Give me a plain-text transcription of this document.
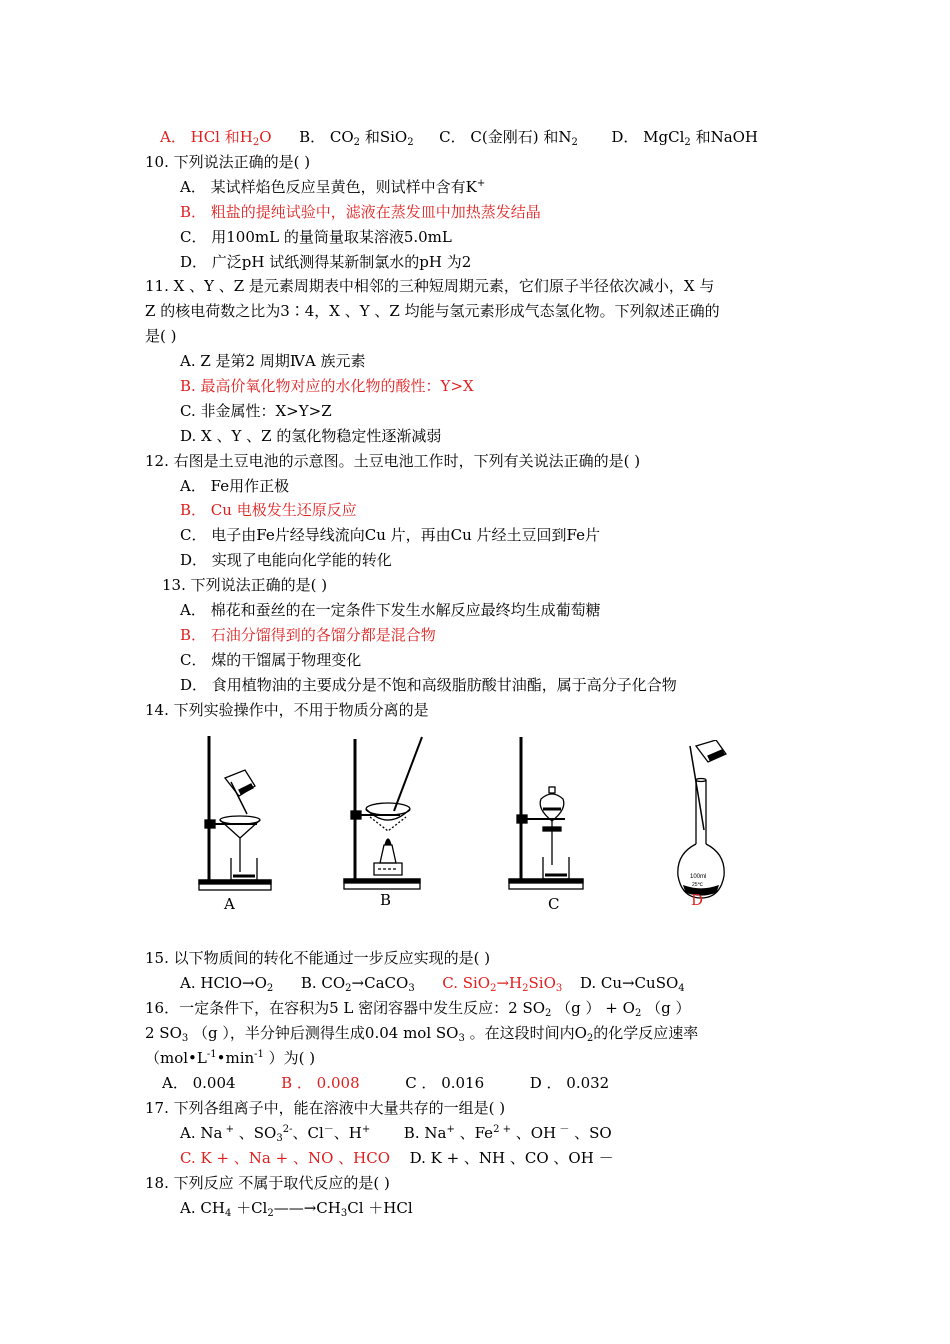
A． HCl 和$H_2O$ B． $CO_2$ 和SiO$_2$ C． C(金刚石) 和$N_2$ D． MgCl$_2$ 和NaOH
10. 下列说法正确的是( )
A． 某试样焰色反应呈黄色，则试样中含有K+
B． 粗盐的提纯试验中，滤液在蒸发皿中加热蒸发结晶
C． 用100mL 的量筒量取某溶液5.0mL
D． 广泛pH 试纸测得某新制氯水的pH 为2
11. X 、Y 、Z 是元素周期表中相邻的三种短周期元素，它们原子半径依次减小，X 与
Z 的核电荷数之比为3∶4，X 、Y 、Z 均能与氢元素形成气态氢化物。下列叙述正确的
是( )
A. Z 是第2 周期ⅣA 族元素
B. 最高价氧化物对应的水化物的酸性：Y>X
C. 非金属性：X>Y>Z
D. X 、Y 、Z 的氢化物稳定性逐渐减弱
12. 右图是土豆电池的示意图。土豆电池工作时，下列有关说法正确的是( )
A． Fe用作正极
B． Cu 电极发生还原反应
C． 电子由Fe片经导线流向Cu 片，再由Cu 片经土豆回到Fe片
D． 实现了电能向化学能的转化
13. 下列说法正确的是( )
A． 棉花和蚕丝的在一定条件下发生水解反应最终均生成葡萄糖
B． 石油分馏得到的各馏分都是混合物
C． 煤的干馏属于物理变化
D． 食用植物油的主要成分是不饱和高级脂肪酸甘油酯，属于高分子化合物
14. 下列实验操作中，不用于物质分离的是
A	B	C
100ml
25℃
D
15. 以下物质间的转化不能通过一步反应实现的是( )
A. $HClO\to O_2$ B. $CO_2\to CaCO_3$ C. $SiO_2\to H_2SiO_3$ D. Cu→CuSO$_4$
16．一定条件下，在容积为5 L 密闭容器中发生反应：2 $SO_2$ （g ） + $O_2$ （g ）
2 $SO_3$ （g ），半分钟后测得生成0.04 mol $SO_3$ 。在这段时间内$O_2$的化学反应速率
（$mol•L^{-1}•\min^{-1}$ ）为( )
A． 0.004	B ． 0.008	C ． 0.016	D ． 0.032
17. 下列各组离子中，能在溶液中大量共存的一组是( )
A. Na + 、$SO_3^{2-}$、Cl－、H+ B. Na+ 、$Fe^{2 +}$ 、OH － 、SO
C. K + 、Na + 、NO 、HCO D. K + 、NH 、CO 、OH －
18. 下列反应 不属于取代反应的是( )
A. $CH_4$ $+Cl_2——\to CH_3Cl +HCl$
